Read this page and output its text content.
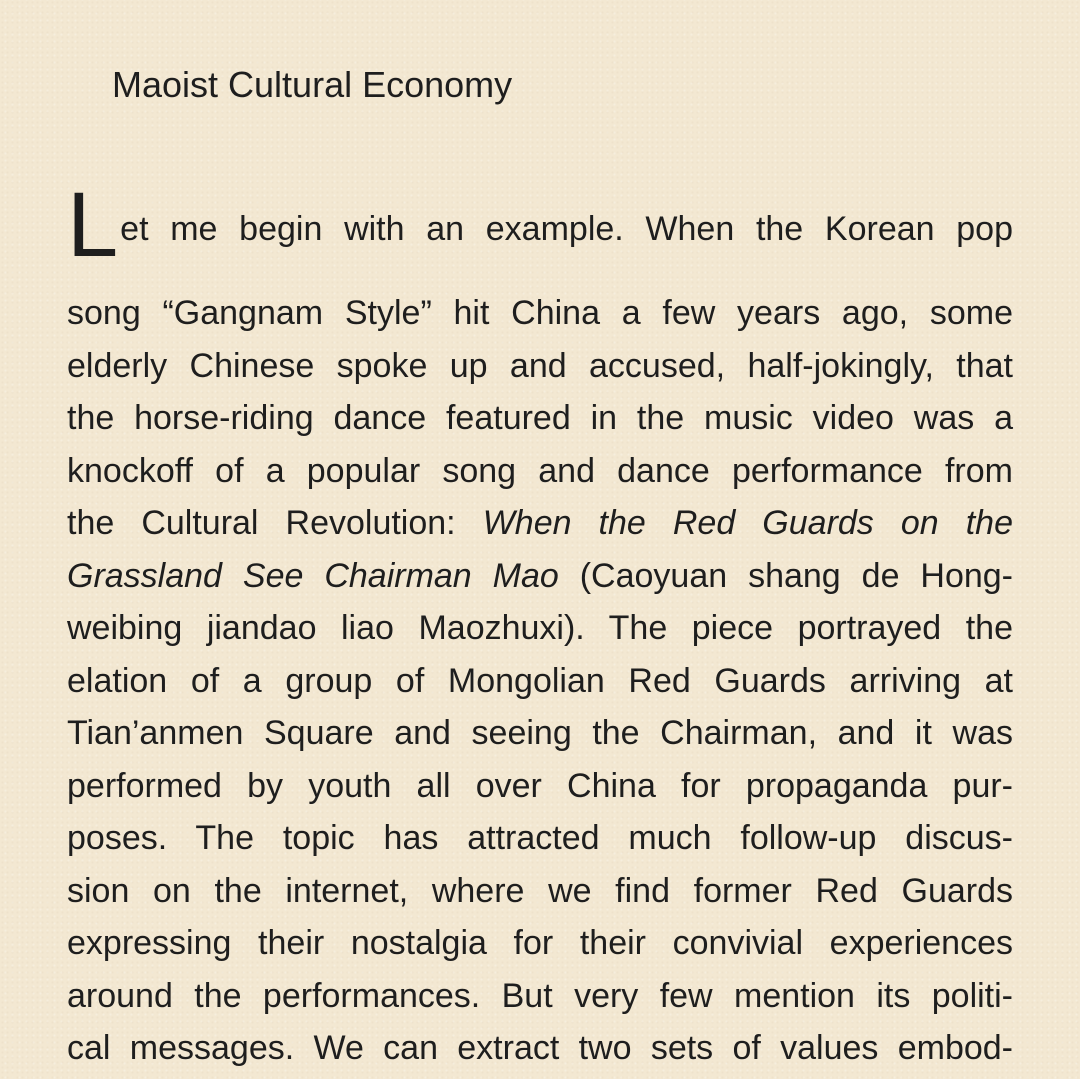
Maoist Cultural Economy
L et me begin with an example. When the Korean pop
song “Gangnam Style” hit China a few years ago, some
elderly Chinese spoke up and accused, half-jokingly, that
the horse-riding dance featured in the music video was a
knockoff of a popular song and dance performance from
the Cultural Revolution: When the Red Guards on the
Grassland See Chairman Mao (Caoyuan shang de Hong-
weibing jiandao liao Maozhuxi). The piece portrayed the
elation of a group of Mongolian Red Guards arriving at
Tian’anmen Square and seeing the Chairman, and it was
performed by youth all over China for propaganda pur-
poses. The topic has attracted much follow-up discus-
sion on the internet, where we find former Red Guards
expressing their nostalgia for their convivial experiences
around the performances. But very few mention its politi-
cal messages. We can extract two sets of values embod-
